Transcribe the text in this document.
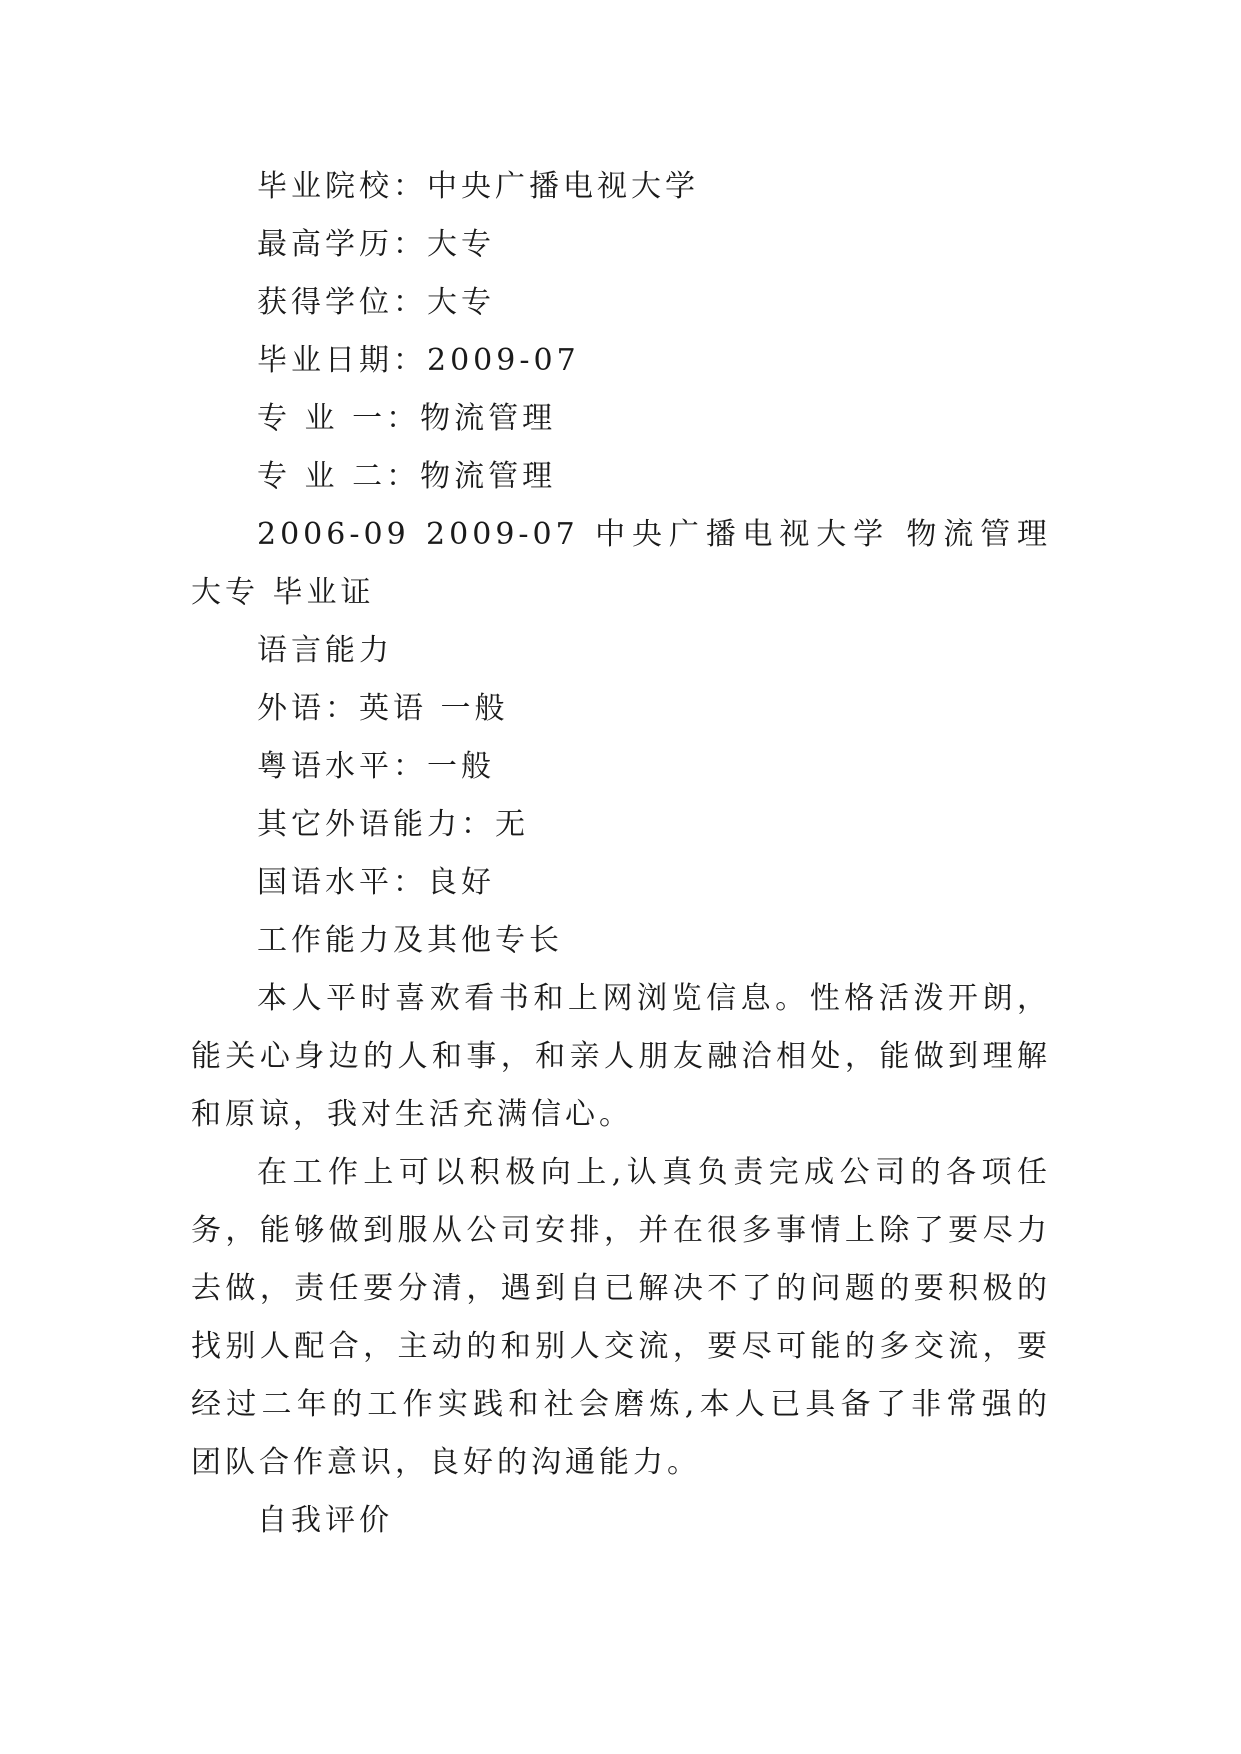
毕业院校：中央广播电视大学

最高学历：大专

获得学位：大专

毕业日期：2009-07

专 业 一：物流管理

专 业 二：物流管理

2006-09 2009-07 中央广播电视大学 物流管理 大专 毕业证

语言能力

外语：英语 一般

粤语水平：一般

其它外语能力：无

国语水平：良好

工作能力及其他专长

本人平时喜欢看书和上网浏览信息。性格活泼开朗，能关心身边的人和事，和亲人朋友融洽相处，能做到理解和原谅，我对生活充满信心。

在工作上可以积极向上,认真负责完成公司的各项任务，能够做到服从公司安排，并在很多事情上除了要尽力去做，责任要分清，遇到自已解决不了的问题的要积极的找别人配合，主动的和别人交流，要尽可能的多交流，要经过二年的工作实践和社会磨炼,本人已具备了非常强的团队合作意识，良好的沟通能力。

自我评价
